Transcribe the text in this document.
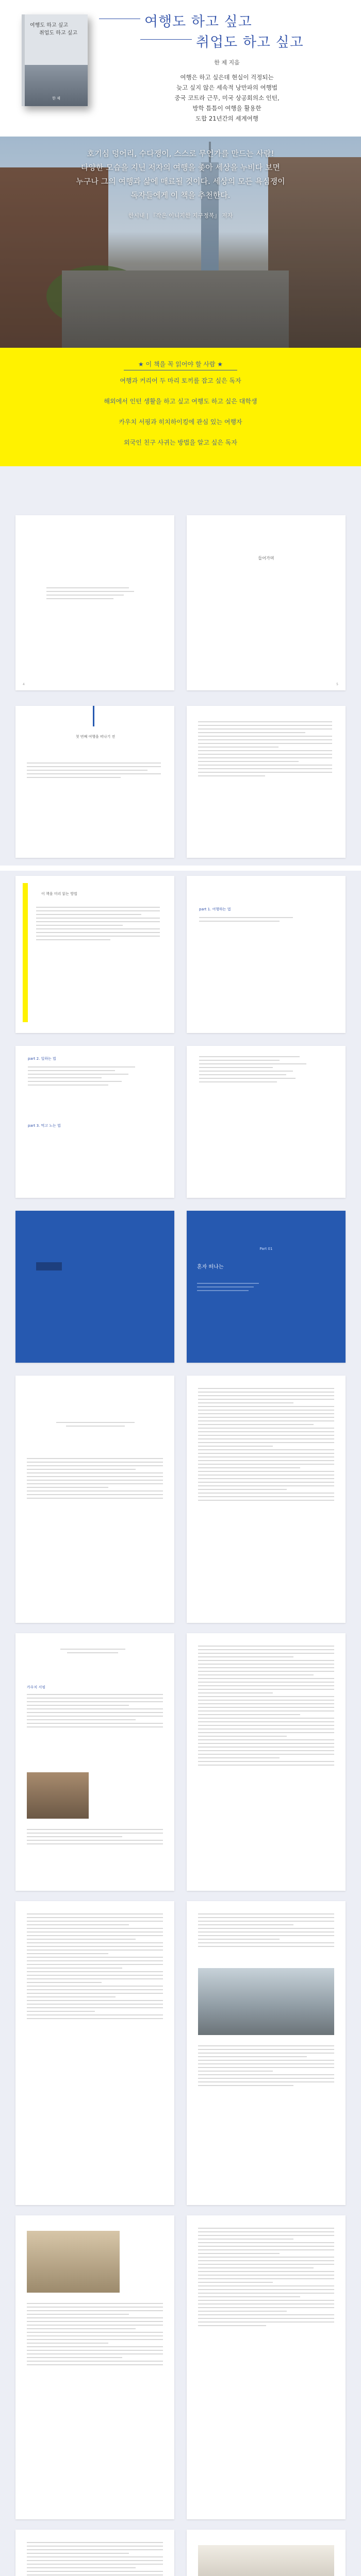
여행도 하고 싶고
취업도 하고 싶고
한 제
여행도 하고 싶고
취업도 하고 싶고
한 제 지음
여행은 하고 싶은데 현실이 걱정되는
늦고 싶지 않은 세속적 낭만파의 여행법
중국 코트라 근무, 미국 상공회의소 인턴,
방학 틈틈이 여행을 활용한
도합 21년간의 세계여행
호기심 덩어리, 수다쟁이, 스스로 무언가를 만드는 사람!
다양한 모습을 지닌 저자의 여행을 좇아 세상을 누비다 보면
누구나 그의 여행과 삶에 매료될 것이다. 세상의 모든 욕심쟁이
독자들에게 이 책을 추천한다.
한시내 | 『작은 이니지한 지구정복』 저자
★ 이 책을 꼭 읽어야 할 사람 ★
여행과 커리어 두 마리 토끼를 잡고 싶은 독자
해외에서 인턴 생활을 하고 싶고 여행도 하고 싶은 대학생
카우치 서핑과 히치하이킹에 관심 있는 여행자
외국인 친구 사귀는 방법을 알고 싶은 독자
4
들어가며
5
첫 번째 여행을 떠나기 전
이 책을 미리 읽는 방법
part 1. 여행하는 법
part 2. 일하는 법
part 3. 먹고 노는 법
Part 01
혼자 떠나는
카우치 서핑
